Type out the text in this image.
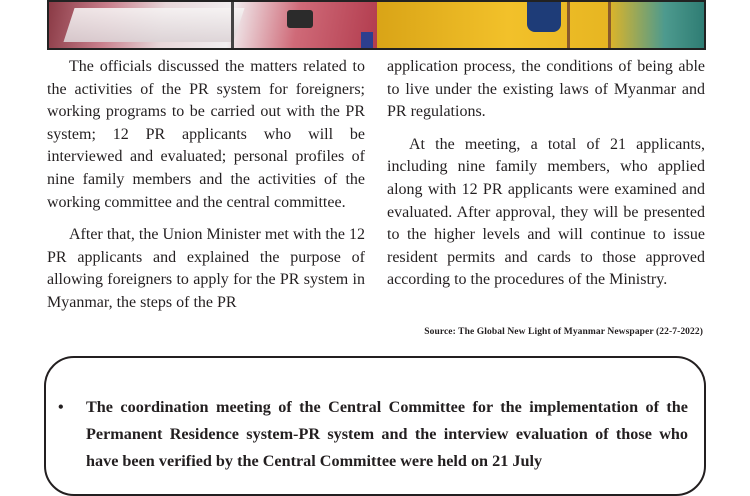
The officials discussed the matters related to the activities of the PR system for foreigners; working programs to be carried out with the PR system; 12 PR applicants who will be interviewed and evaluated; personal profiles of nine family members and the activities of the working committee and the central committee.

After that, the Union Minister met with the 12 PR applicants and explained the purpose of allowing foreigners to apply for the PR system in Myanmar, the steps of the PR

application process, the conditions of being able to live under the existing laws of Myanmar and PR regulations.

At the meeting, a total of 21 applicants, including nine family members, who applied along with 12 PR applicants were examined and evaluated. After approval, they will be presented to the higher levels and will continue to issue resident permits and cards to those approved according to the procedures of the Ministry.

Source: The Global New Light of Myanmar Newspaper (22-7-2022)
•	The coordination meeting of the Central Committee for the implementation of the Permanent Residence system-PR system and the interview evaluation of those who have been verified by the Central Committee were held on 21 July
